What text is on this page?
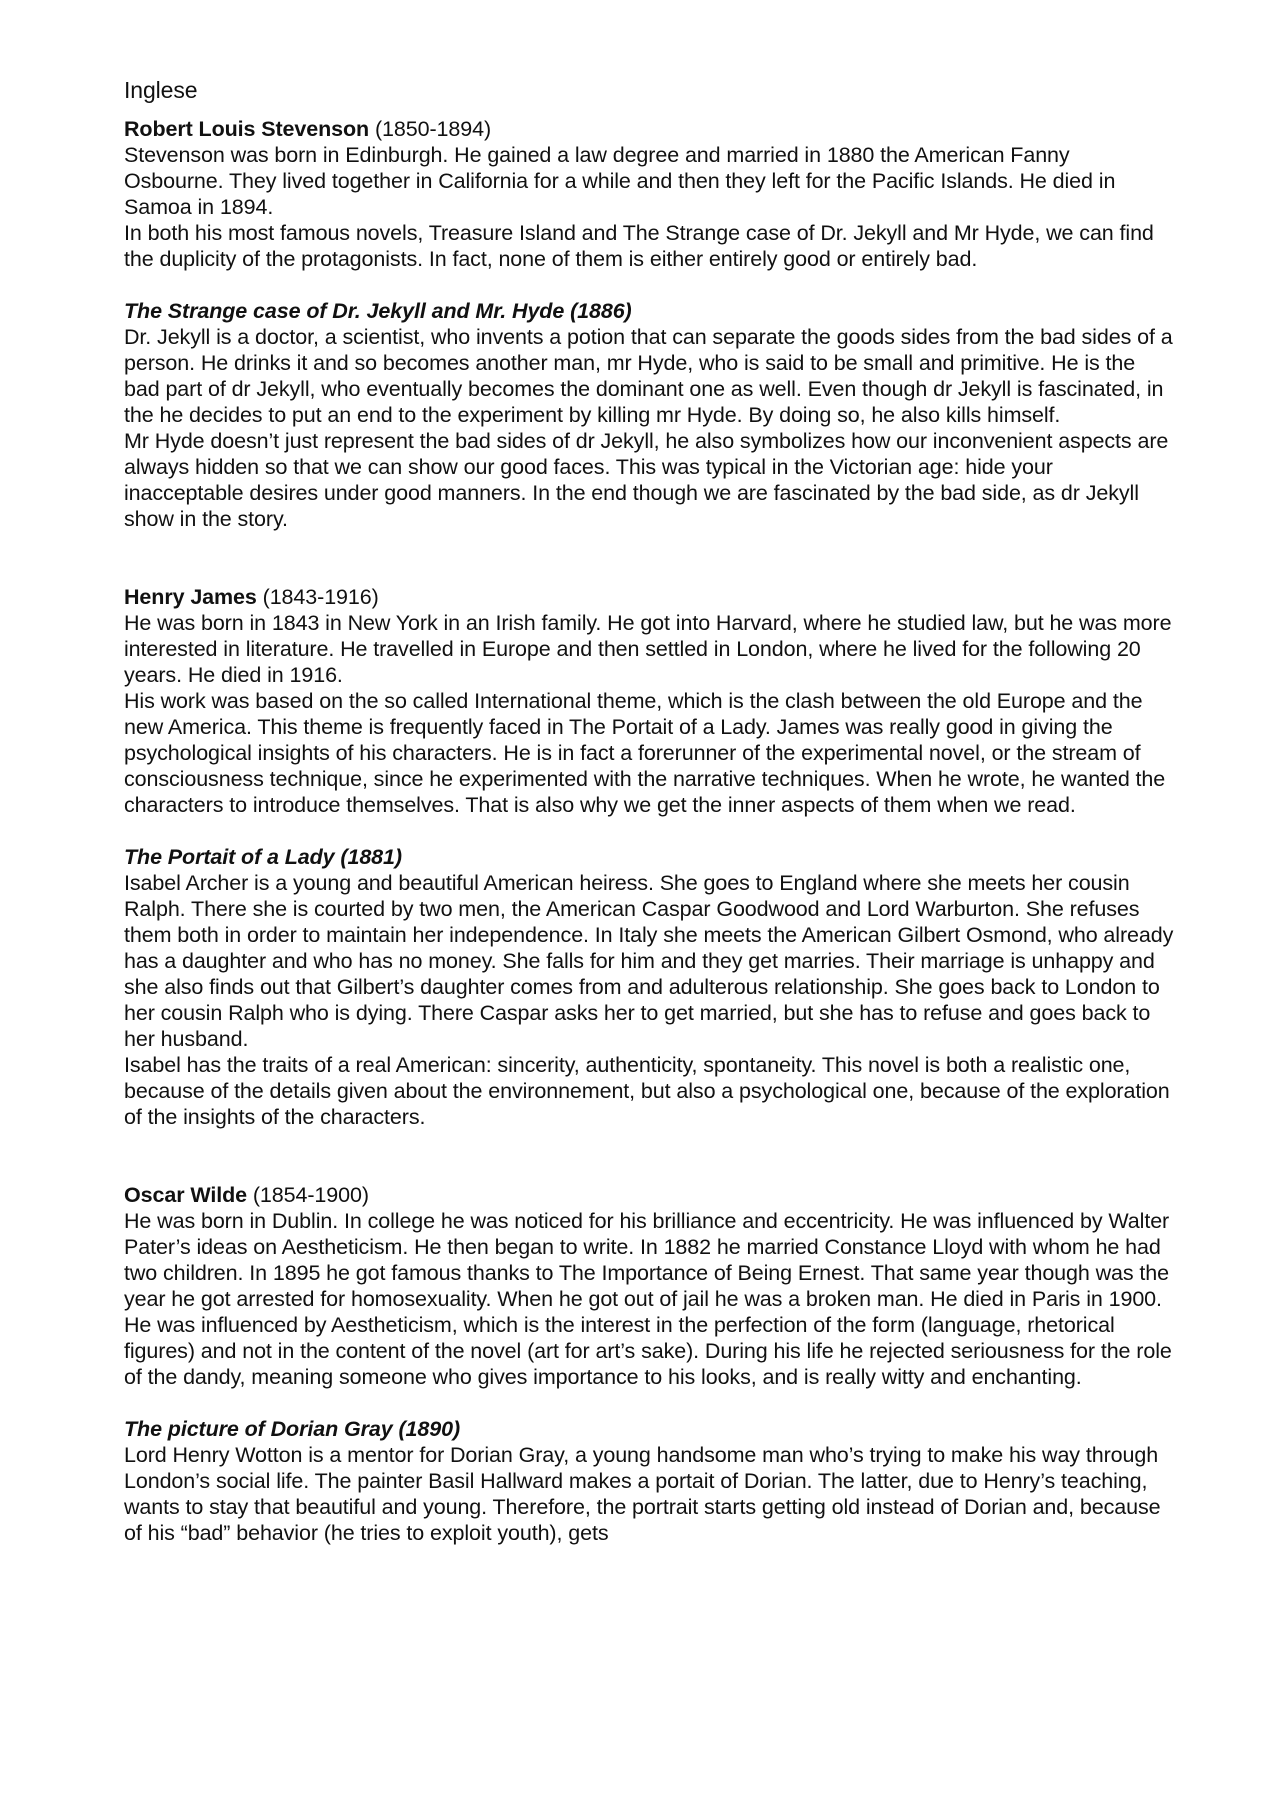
Inglese

Robert Louis Stevenson (1850-1894)

Stevenson was born in Edinburgh. He gained a law degree and married in 1880 the American Fanny Osbourne. They lived together in California for a while and then they left for the Pacific Islands. He died in Samoa in 1894.

In both his most famous novels, Treasure Island and The Strange case of Dr. Jekyll and Mr Hyde, we can find the duplicity of the protagonists. In fact, none of them is either entirely good or entirely bad.

The Strange case of Dr. Jekyll and Mr. Hyde (1886)

Dr. Jekyll is a doctor, a scientist, who invents a potion that can separate the goods sides from the bad sides of a person. He drinks it and so becomes another man, mr Hyde, who is said to be small and primitive. He is the bad part of dr Jekyll, who eventually becomes the dominant one as well. Even though dr Jekyll is fascinated, in the he decides to put an end to the experiment by killing mr Hyde. By doing so, he also kills himself.

Mr Hyde doesn’t just represent the bad sides of dr Jekyll, he also symbolizes how our inconvenient aspects are always hidden so that we can show our good faces. This was typical in the Victorian age: hide your inacceptable desires under good manners. In the end though we are fascinated by the bad side, as dr Jekyll show in the story.

Henry James (1843-1916)

He was born in 1843 in New York in an Irish family. He got into Harvard, where he studied law, but he was more interested in literature. He travelled in Europe and then settled in London, where he lived for the following 20 years. He died in 1916.

His work was based on the so called International theme, which is the clash between the old Europe and the new America. This theme is frequently faced in The Portait of a Lady. James was really good in giving the psychological insights of his characters. He is in fact a forerunner of the experimental novel, or the stream of consciousness technique, since he experimented with the narrative techniques. When he wrote, he wanted the characters to introduce themselves. That is also why we get the inner aspects of them when we read.

The Portait of a Lady (1881)

Isabel Archer is a young and beautiful American heiress. She goes to England where she meets her cousin Ralph. There she is courted by two men, the American Caspar Goodwood and Lord Warburton. She refuses them both in order to maintain her independence. In Italy she meets the American Gilbert Osmond, who already has a daughter and who has no money. She falls for him and they get marries. Their marriage is unhappy and she also finds out that Gilbert’s daughter comes from and adulterous relationship. She goes back to London to her cousin Ralph who is dying. There Caspar asks her to get married, but she has to refuse and goes back to her husband.

Isabel has the traits of a real American: sincerity, authenticity, spontaneity. This novel is both a realistic one, because of the details given about the environnement, but also a psychological one, because of the exploration of the insights of the characters.

Oscar Wilde (1854-1900)

He was born in Dublin. In college he was noticed for his brilliance and eccentricity. He was influenced by Walter Pater’s ideas on Aestheticism. He then began to write. In 1882 he married Constance Lloyd with whom he had two children. In 1895 he got famous thanks to The Importance of Being Ernest. That same year though was the year he got arrested for homosexuality. When he got out of jail he was a broken man. He died in Paris in 1900.

He was influenced by Aestheticism, which is the interest in the perfection of the form (language, rhetorical figures) and not in the content of the novel (art for art’s sake). During his life he rejected seriousness for the role of the dandy, meaning someone who gives importance to his looks, and is really witty and enchanting.

The picture of Dorian Gray (1890)

Lord Henry Wotton is a mentor for Dorian Gray, a young handsome man who’s trying to make his way through London’s social life. The painter Basil Hallward makes a portait of Dorian. The latter, due to Henry’s teaching, wants to stay that beautiful and young. Therefore, the portrait starts getting old instead of Dorian and, because of his “bad” behavior (he tries to exploit youth), gets
